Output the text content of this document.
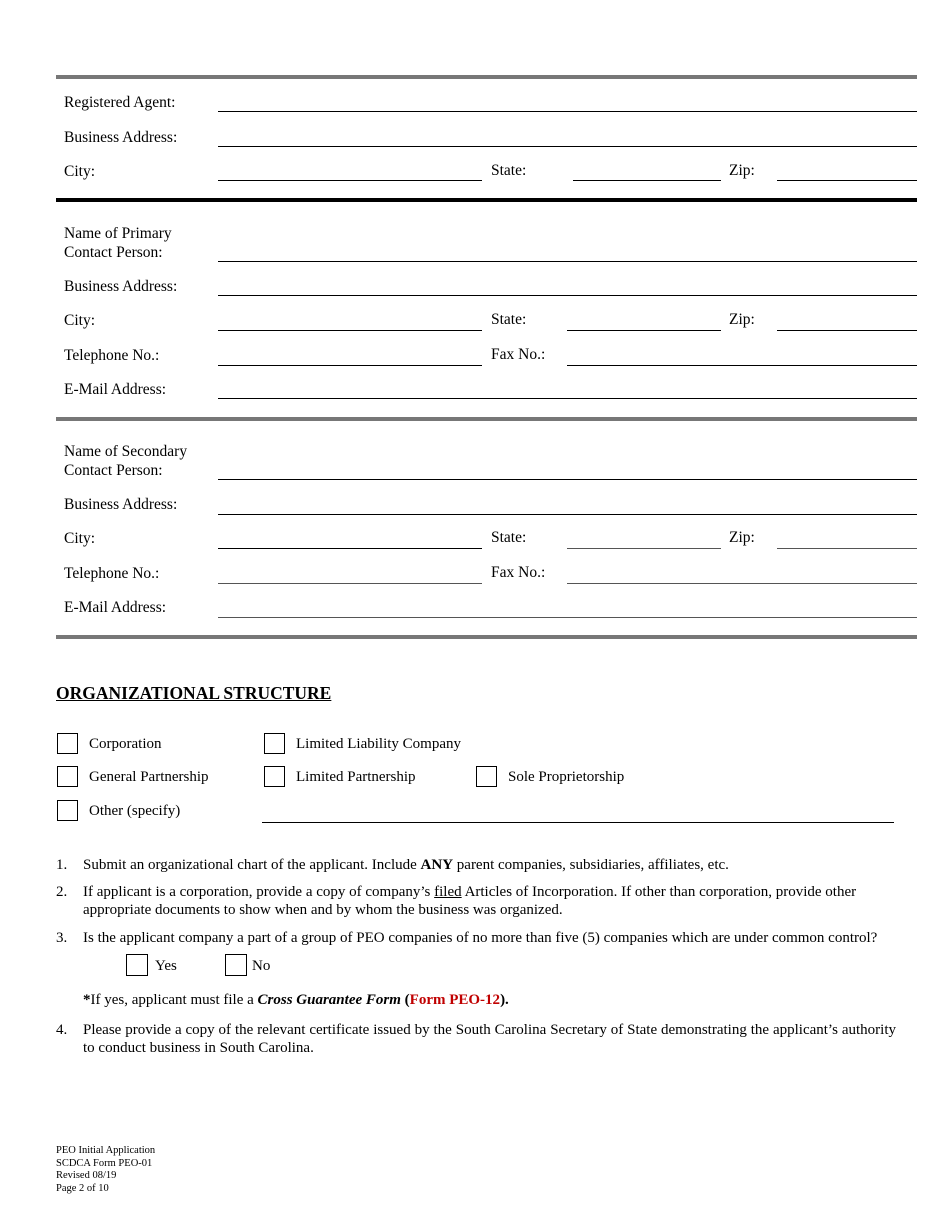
Registered Agent:
Business Address:
City:	State:	Zip:
Name of Primary
Contact Person:
Business Address:
City:	State:	Zip:
Telephone No.:	Fax No.:
E-Mail Address:
Name of Secondary
Contact Person:
Business Address:
City:	State:	Zip:
Telephone No.:	Fax No.:
E-Mail Address:
ORGANIZATIONAL STRUCTURE
Corporation	Limited Liability Company
General Partnership	Limited Partnership	Sole Proprietorship
Other (specify)
1. Submit an organizational chart of the applicant. Include ANY parent companies, subsidiaries, affiliates, etc.
2. If applicant is a corporation, provide a copy of company’s filed Articles of Incorporation. If other than corporation, provide other appropriate documents to show when and by whom the business was organized.
3. Is the applicant company a part of a group of PEO companies of no more than five (5) companies which are under common control?
Yes	No
*If yes, applicant must file a Cross Guarantee Form (Form PEO-12).
4. Please provide a copy of the relevant certificate issued by the South Carolina Secretary of State demonstrating the applicant’s authority to conduct business in South Carolina.
PEO Initial Application
SCDCA Form PEO-01
Revised 08/19
Page 2 of 10
